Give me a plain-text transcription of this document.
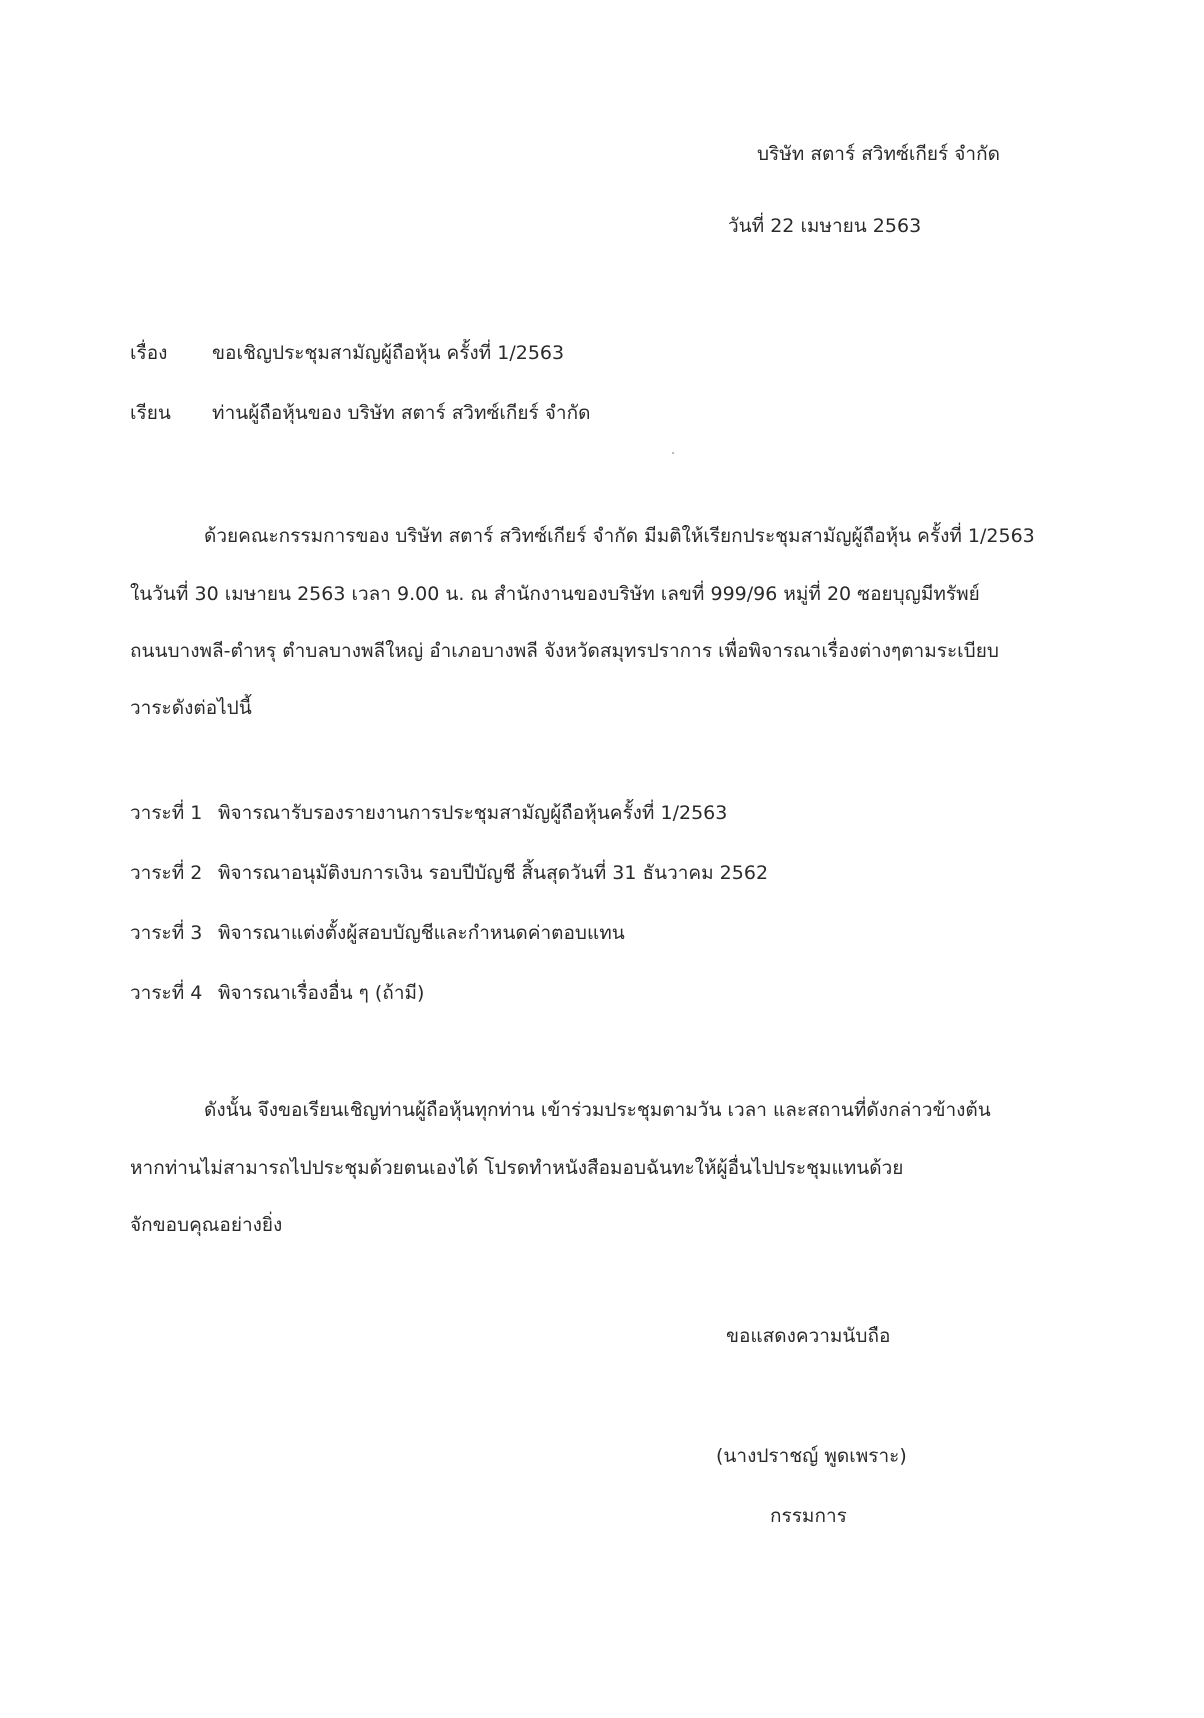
บริษัท สตาร์ สวิทซ์เกียร์ จำกัด
วันที่ 22 เมษายน 2563
เรื่อง ขอเชิญประชุมสามัญผู้ถือหุ้น ครั้งที่ 1/2563
เรียน ท่านผู้ถือหุ้นของ บริษัท สตาร์ สวิทซ์เกียร์ จำกัด
ด้วยคณะกรรมการของ บริษัท สตาร์ สวิทซ์เกียร์ จำกัด มีมติให้เรียกประชุมสามัญผู้ถือหุ้น ครั้งที่ 1/2563
ในวันที่ 30 เมษายน 2563 เวลา 9.00 น. ณ สำนักงานของบริษัท เลขที่ 999/96 หมู่ที่ 20 ซอยบุญมีทรัพย์
ถนนบางพลี-ตำหรุ ตำบลบางพลีใหญ่ อำเภอบางพลี จังหวัดสมุทรปราการ เพื่อพิจารณาเรื่องต่างๆตามระเบียบ
วาระดังต่อไปนี้
วาระที่ 1 พิจารณารับรองรายงานการประชุมสามัญผู้ถือหุ้นครั้งที่ 1/2563
วาระที่ 2 พิจารณาอนุมัติงบการเงิน รอบปีบัญชี สิ้นสุดวันที่ 31 ธันวาคม 2562
วาระที่ 3 พิจารณาแต่งตั้งผู้สอบบัญชีและกำหนดค่าตอบแทน
วาระที่ 4 พิจารณาเรื่องอื่น ๆ (ถ้ามี)
ดังนั้น จึงขอเรียนเชิญท่านผู้ถือหุ้นทุกท่าน เข้าร่วมประชุมตามวัน เวลา และสถานที่ดังกล่าวข้างต้น
หากท่านไม่สามารถไปประชุมด้วยตนเองได้ โปรดทำหนังสือมอบฉันทะให้ผู้อื่นไปประชุมแทนด้วย
จักขอบคุณอย่างยิ่ง
ขอแสดงความนับถือ
(นางปราชญ์ พูดเพราะ)
กรรมการ
